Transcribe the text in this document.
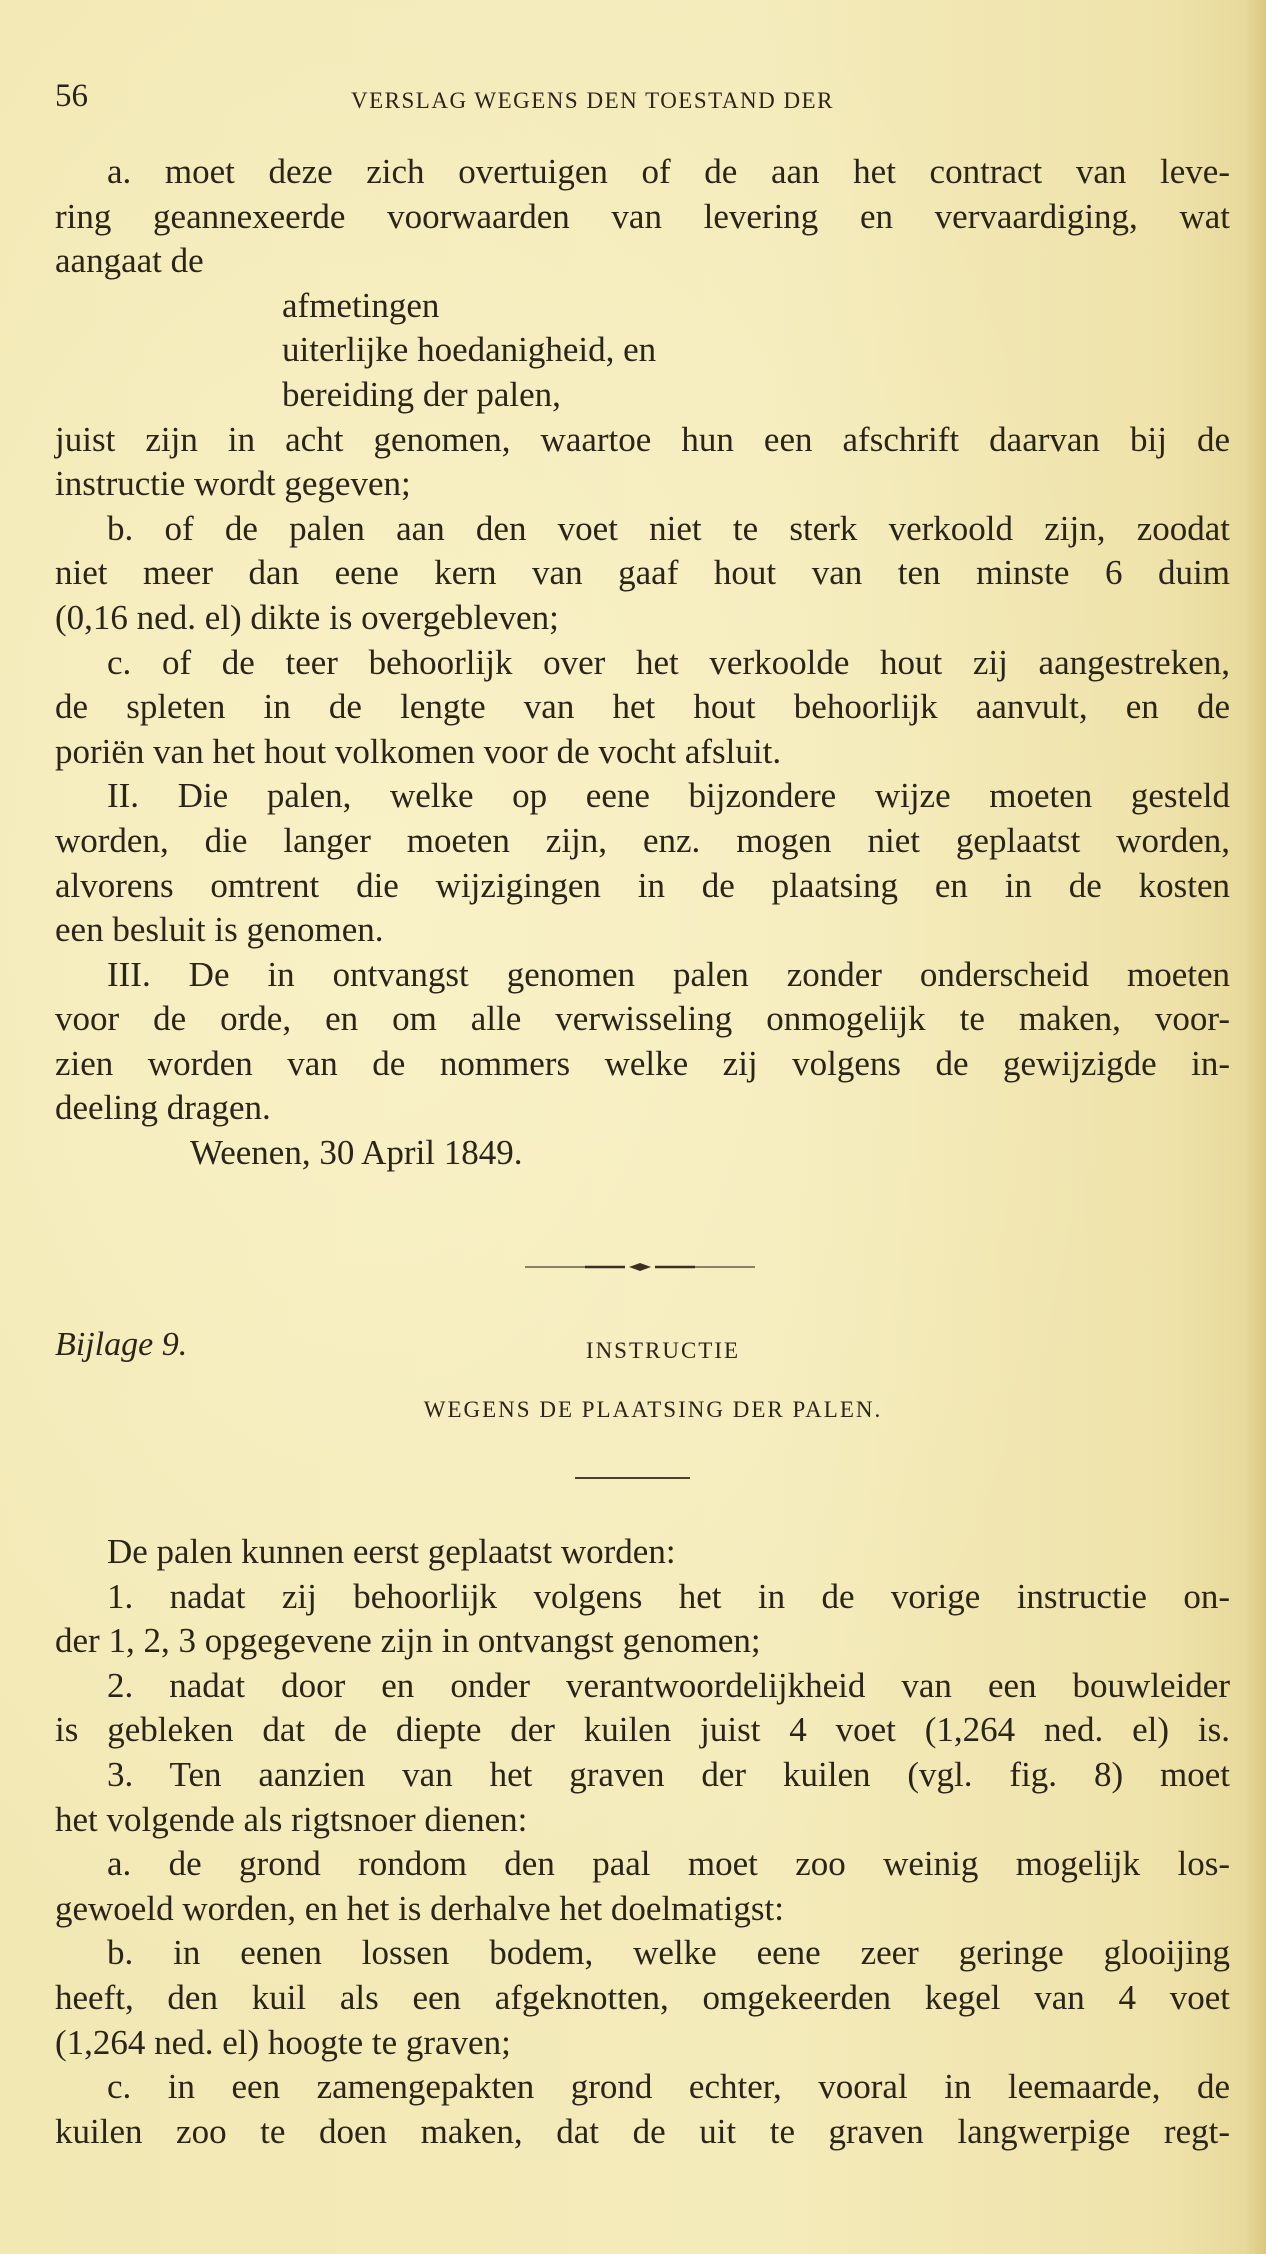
56	VERSLAG WEGENS DEN TOESTAND DER
a. moet deze zich overtuigen of de aan het contract van leve-
ring geannexeerde voorwaarden van levering en vervaardiging, wat
aangaat de
afmetingen
uiterlijke hoedanigheid, en
bereiding der palen,
juist zijn in acht genomen, waartoe hun een afschrift daarvan bij de
instructie wordt gegeven;
b. of de palen aan den voet niet te sterk verkoold zijn, zoodat
niet meer dan eene kern van gaaf hout van ten minste 6 duim
(0,16 ned. el) dikte is overgebleven;
c. of de teer behoorlijk over het verkoolde hout zij aangestreken,
de spleten in de lengte van het hout behoorlijk aanvult, en de
poriën van het hout volkomen voor de vocht afsluit.
II. Die palen, welke op eene bijzondere wijze moeten gesteld
worden, die langer moeten zijn, enz. mogen niet geplaatst worden,
alvorens omtrent die wijzigingen in de plaatsing en in de kosten
een besluit is genomen.
III. De in ontvangst genomen palen zonder onderscheid moeten
voor de orde, en om alle verwisseling onmogelijk te maken, voor-
zien worden van de nommers welke zij volgens de gewijzigde in-
deeling dragen.
Weenen, 30 April 1849.
Bijlage 9.	INSTRUCTIE
WEGENS DE PLAATSING DER PALEN.
De palen kunnen eerst geplaatst worden:
1. nadat zij behoorlijk volgens het in de vorige instructie on-
der 1, 2, 3 opgegevene zijn in ontvangst genomen;
2. nadat door en onder verantwoordelijkheid van een bouwleider
is gebleken dat de diepte der kuilen juist 4 voet (1,264 ned. el) is.
3. Ten aanzien van het graven der kuilen (vgl. fig. 8) moet
het volgende als rigtsnoer dienen:
a. de grond rondom den paal moet zoo weinig mogelijk los-
gewoeld worden, en het is derhalve het doelmatigst:
b. in eenen lossen bodem, welke eene zeer geringe glooijing
heeft, den kuil als een afgeknotten, omgekeerden kegel van 4 voet
(1,264 ned. el) hoogte te graven;
c. in een zamengepakten grond echter, vooral in leemaarde, de
kuilen zoo te doen maken, dat de uit te graven langwerpige regt-
